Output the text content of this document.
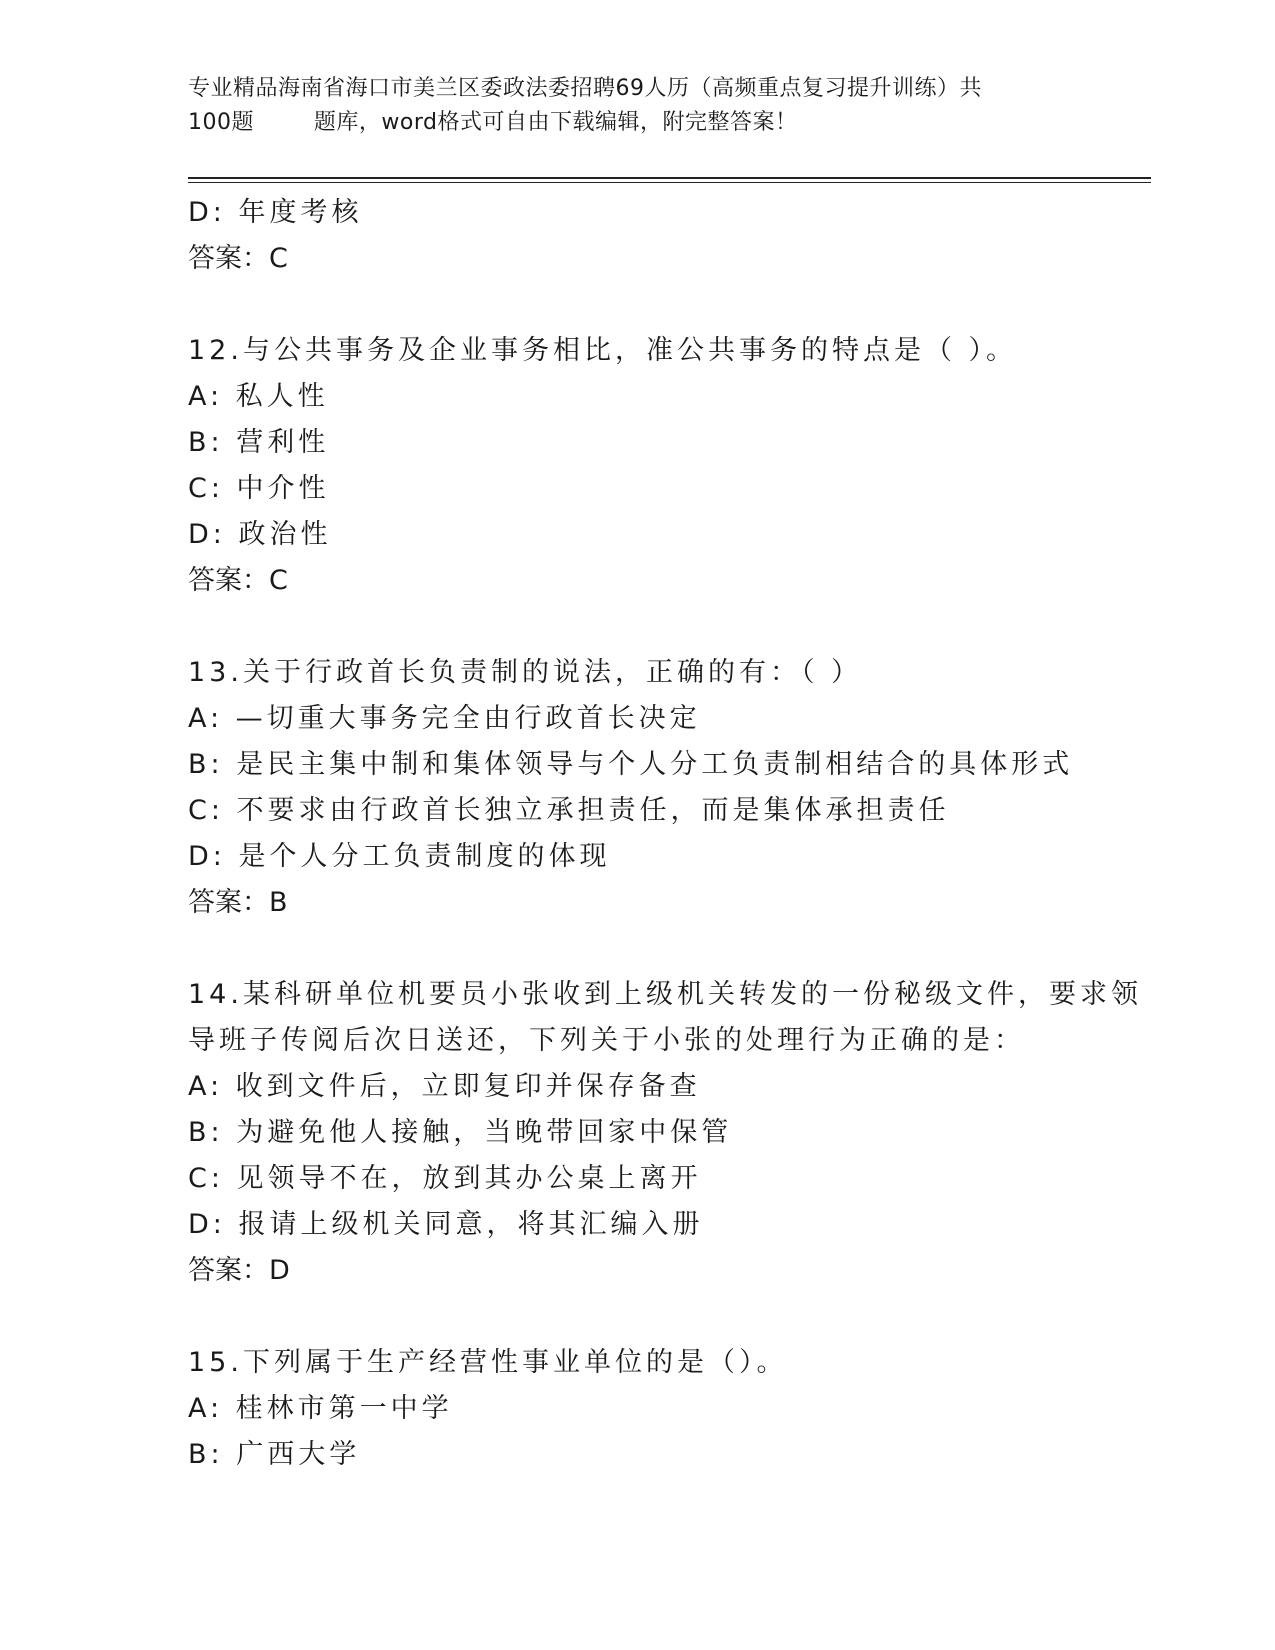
专业精品海南省海口市美兰区委政法委招聘69人历（高频重点复习提升训练）共
100题        题库，word格式可自由下载编辑，附完整答案！
D: 年度考核
答案：C
12.与公共事务及企业事务相比，准公共事务的特点是（ ）。
A: 私人性
B: 营利性
C: 中介性
D: 政治性
答案：C
13.关于行政首长负责制的说法，正确的有：（ ）
A: —切重大事务完全由行政首长决定
B: 是民主集中制和集体领导与个人分工负责制相结合的具体形式
C: 不要求由行政首长独立承担责任，而是集体承担责任
D: 是个人分工负责制度的体现
答案：B
14.某科研单位机要员小张收到上级机关转发的一份秘级文件，要求领
导班子传阅后次日送还，下列关于小张的处理行为正确的是：
A: 收到文件后，立即复印并保存备查
B: 为避免他人接触，当晚带回家中保管
C: 见领导不在，放到其办公桌上离开
D: 报请上级机关同意，将其汇编入册
答案：D
15.下列属于生产经营性事业单位的是（）。
A: 桂林市第一中学
B: 广西大学
